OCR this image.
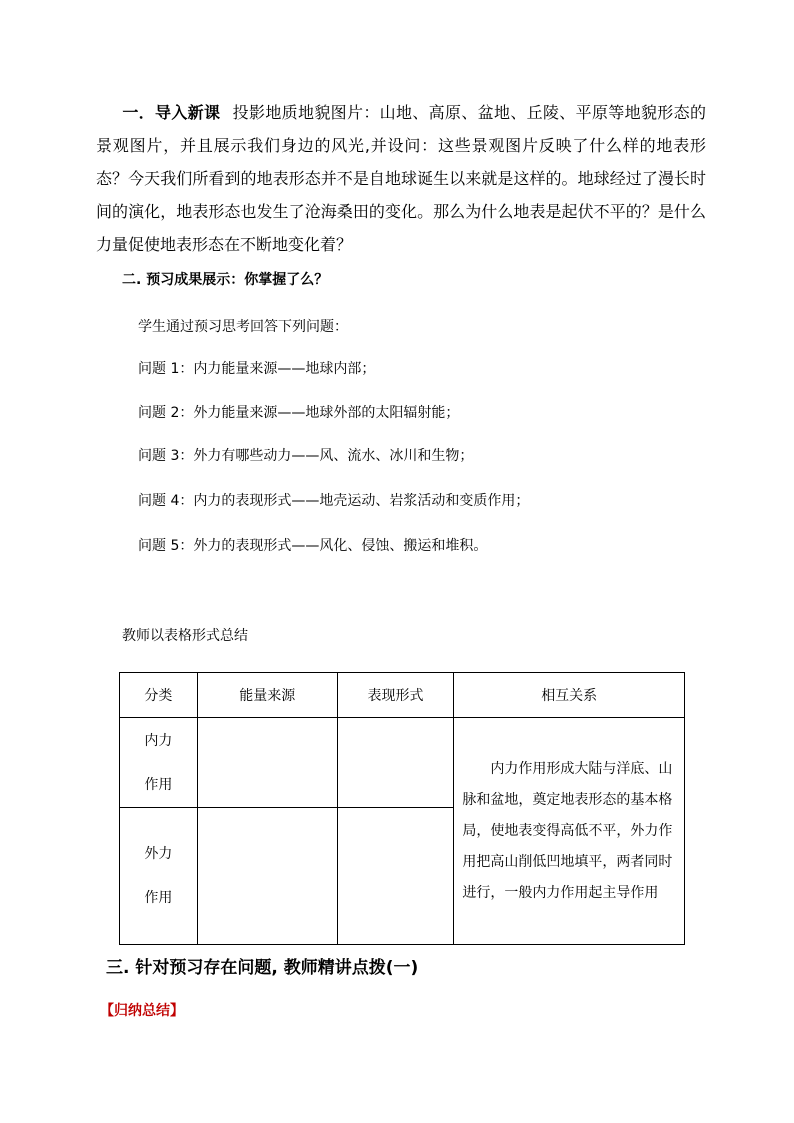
一．导入新课 投影地质地貌图片：山地、高原、盆地、丘陵、平原等地貌形态的景观图片，并且展示我们身边的风光,并设问：这些景观图片反映了什么样的地表形态？今天我们所看到的地表形态并不是自地球诞生以来就是这样的。地球经过了漫长时间的演化，地表形态也发生了沧海桑田的变化。那么为什么地表是起伏不平的？是什么力量促使地表形态在不断地变化着？
二. 预习成果展示：你掌握了么？
学生通过预习思考回答下列问题：
问题 1：内力能量来源——地球内部；
问题 2：外力能量来源——地球外部的太阳辐射能；
问题 3：外力有哪些动力——风、流水、冰川和生物；
问题 4：内力的表现形式——地壳运动、岩浆活动和变质作用；
问题 5：外力的表现形式——风化、侵蚀、搬运和堆积。
教师以表格形式总结
分类	能量来源	表现形式	相互关系

内力
作用			内力作用形成大陆与洋底、山脉和盆地，奠定地表形态的基本格局，使地表变得高低不平，外力作用把高山削低凹地填平，两者同时进行，一般内力作用起主导作用

外力
作用			

三. 针对预习存在问题, 教师精讲点拨(一)
【归纳总结】
